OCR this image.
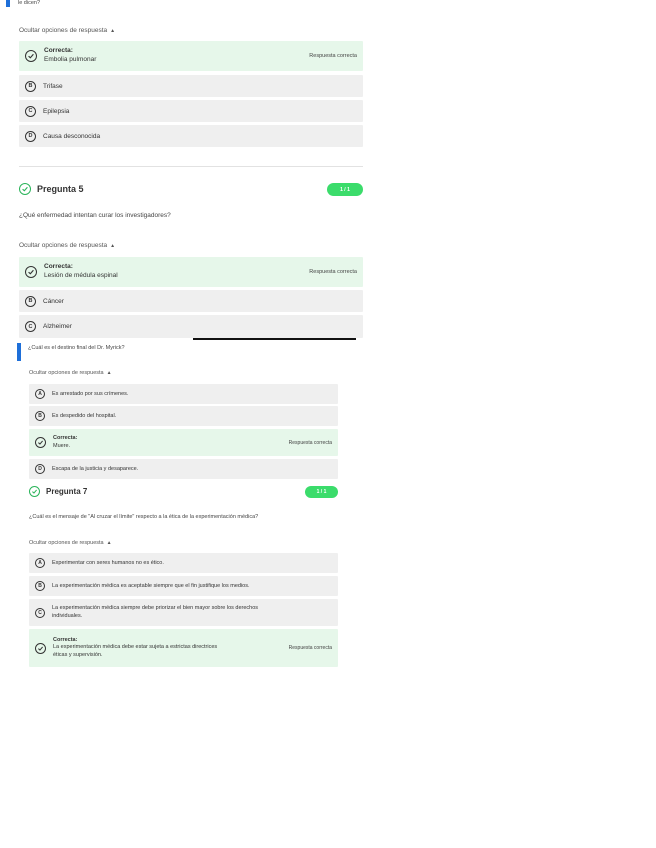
le dicen?
Ocultar opciones de respuesta ▲
Correcta:
Embolia pulmonar	Respuesta correcta
B	Trifase
C	Epilepsia
D	Causa desconocida
Pregunta 5	1 / 1
¿Qué enfermedad intentan curar los investigadores?
Ocultar opciones de respuesta ▲
Correcta:
Lesión de médula espinal	Respuesta correcta
B	Cáncer
C	Alzheimer
¿Cuál es el destino final del Dr. Myrick?
Ocultar opciones de respuesta ▲
A	Es arrestado por sus crímenes.
B	Es despedido del hospital.
Correcta:
Muere.	Respuesta correcta
D	Escapa de la justicia y desaparece.
Pregunta 7	1 / 1
¿Cuál es el mensaje de "Al cruzar el límite" respecto a la ética de la experimentación médica?
Ocultar opciones de respuesta ▲
A	Experimentar con seres humanos no es ético.
B	La experimentación médica es aceptable siempre que el fin justifique los medios.
C
La experimentación médica siempre debe priorizar el bien mayor sobre los derechos
individuales.
Correcta:
La experimentación médica debe estar sujeta a estrictas directrices
éticas y supervisión.
Respuesta correcta
